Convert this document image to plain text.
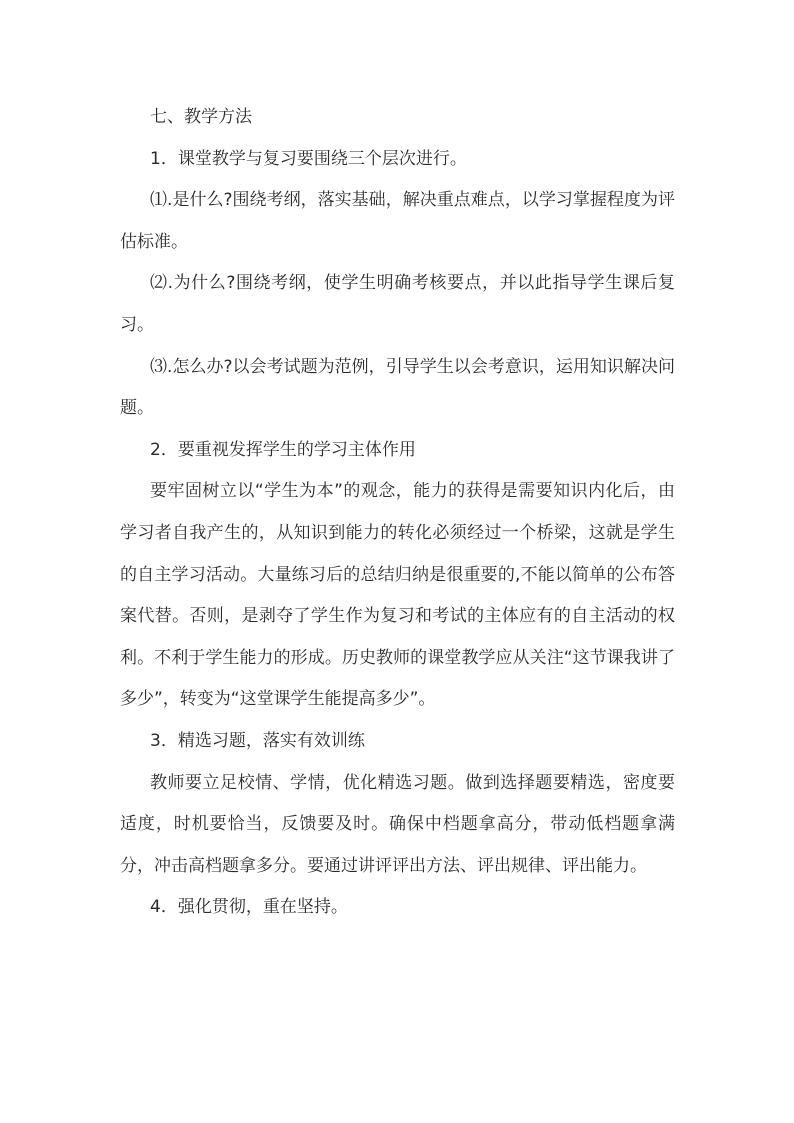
七、教学方法

1．课堂教学与复习要围绕三个层次进行。

⑴.是什么?围绕考纲，落实基础，解决重点难点，以学习掌握程度为评估标准。

⑵.为什么?围绕考纲，使学生明确考核要点，并以此指导学生课后复习。

⑶.怎么办?以会考试题为范例，引导学生以会考意识，运用知识解决问题。

2．要重视发挥学生的学习主体作用

要牢固树立以“学生为本”的观念，能力的获得是需要知识内化后，由学习者自我产生的，从知识到能力的转化必须经过一个桥梁，这就是学生的自主学习活动。大量练习后的总结归纳是很重要的,不能以简单的公布答案代替。否则，是剥夺了学生作为复习和考试的主体应有的自主活动的权利。不利于学生能力的形成。历史教师的课堂教学应从关注“这节课我讲了多少”，转变为“这堂课学生能提高多少”。

3．精选习题，落实有效训练

教师要立足校情、学情，优化精选习题。做到选择题要精选，密度要适度，时机要恰当，反馈要及时。确保中档题拿高分，带动低档题拿满分，冲击高档题拿多分。要通过讲评评出方法、评出规律、评出能力。

4．强化贯彻，重在坚持。
